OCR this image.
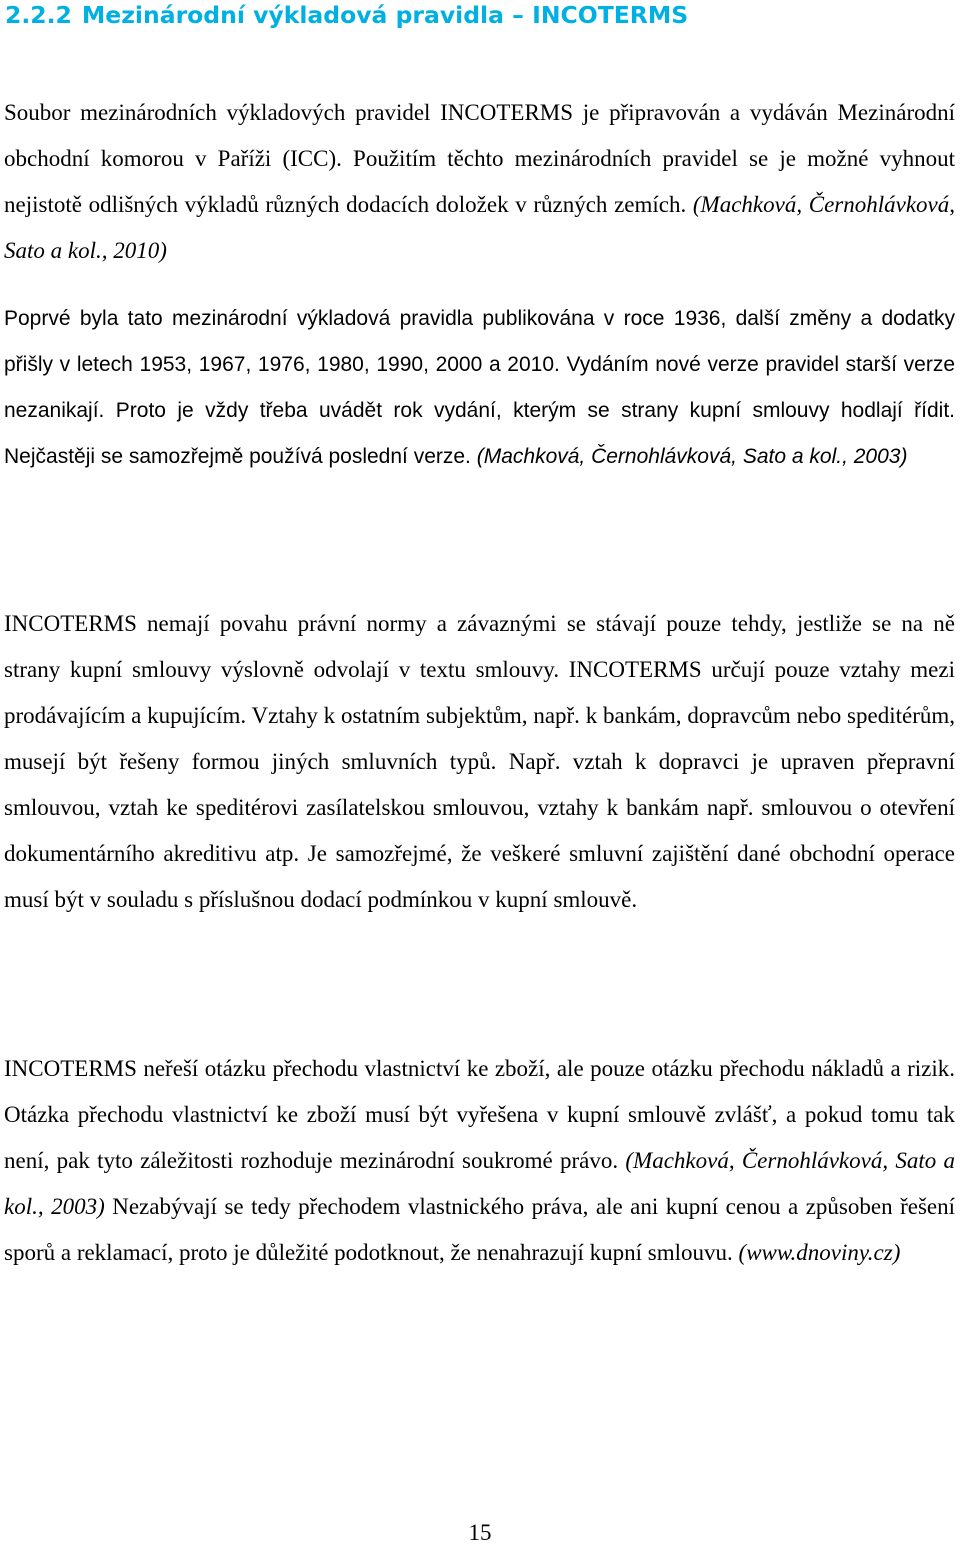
2.2.2 Mezinárodní výkladová pravidla – INCOTERMS

Soubor mezinárodních výkladových pravidel INCOTERMS je připravován a vydáván Mezinárodní obchodní komorou v Paříži (ICC). Použitím těchto mezinárodních pravidel se je možné vyhnout nejistotě odlišných výkladů různých dodacích doložek v různých zemích. (Machková, Černohlávková, Sato a kol., 2010)

Poprvé byla tato mezinárodní výkladová pravidla publikována v roce 1936, další změny a dodatky přišly v letech 1953, 1967, 1976, 1980, 1990, 2000 a 2010. Vydáním nové verze pravidel starší verze nezanikají. Proto je vždy třeba uvádět rok vydání, kterým se strany kupní smlouvy hodlají řídit. Nejčastěji se samozřejmě používá poslední verze. (Machková, Černohlávková, Sato a kol., 2003)

INCOTERMS nemají povahu právní normy a závaznými se stávají pouze tehdy, jestliže se na ně strany kupní smlouvy výslovně odvolají v textu smlouvy. INCOTERMS určují pouze vztahy mezi prodávajícím a kupujícím. Vztahy k ostatním subjektům, např. k bankám, dopravcům nebo speditérům, musejí být řešeny formou jiných smluvních typů. Např. vztah k dopravci je upraven přepravní smlouvou, vztah ke speditérovi zasílatelskou smlouvou, vztahy k bankám např. smlouvou o otevření dokumentárního akreditivu atp. Je samozřejmé, že veškeré smluvní zajištění dané obchodní operace musí být v souladu s příslušnou dodací podmínkou v kupní smlouvě.

INCOTERMS neřeší otázku přechodu vlastnictví ke zboží, ale pouze otázku přechodu nákladů a rizik. Otázka přechodu vlastnictví ke zboží musí být vyřešena v kupní smlouvě zvlášť, a pokud tomu tak není, pak tyto záležitosti rozhoduje mezinárodní soukromé právo. (Machková, Černohlávková, Sato a kol., 2003) Nezabývají se tedy přechodem vlastnického práva, ale ani kupní cenou a způsoben řešení sporů a reklamací, proto je důležité podotknout, že nenahrazují kupní smlouvu. (www.dnoviny.cz)

15
